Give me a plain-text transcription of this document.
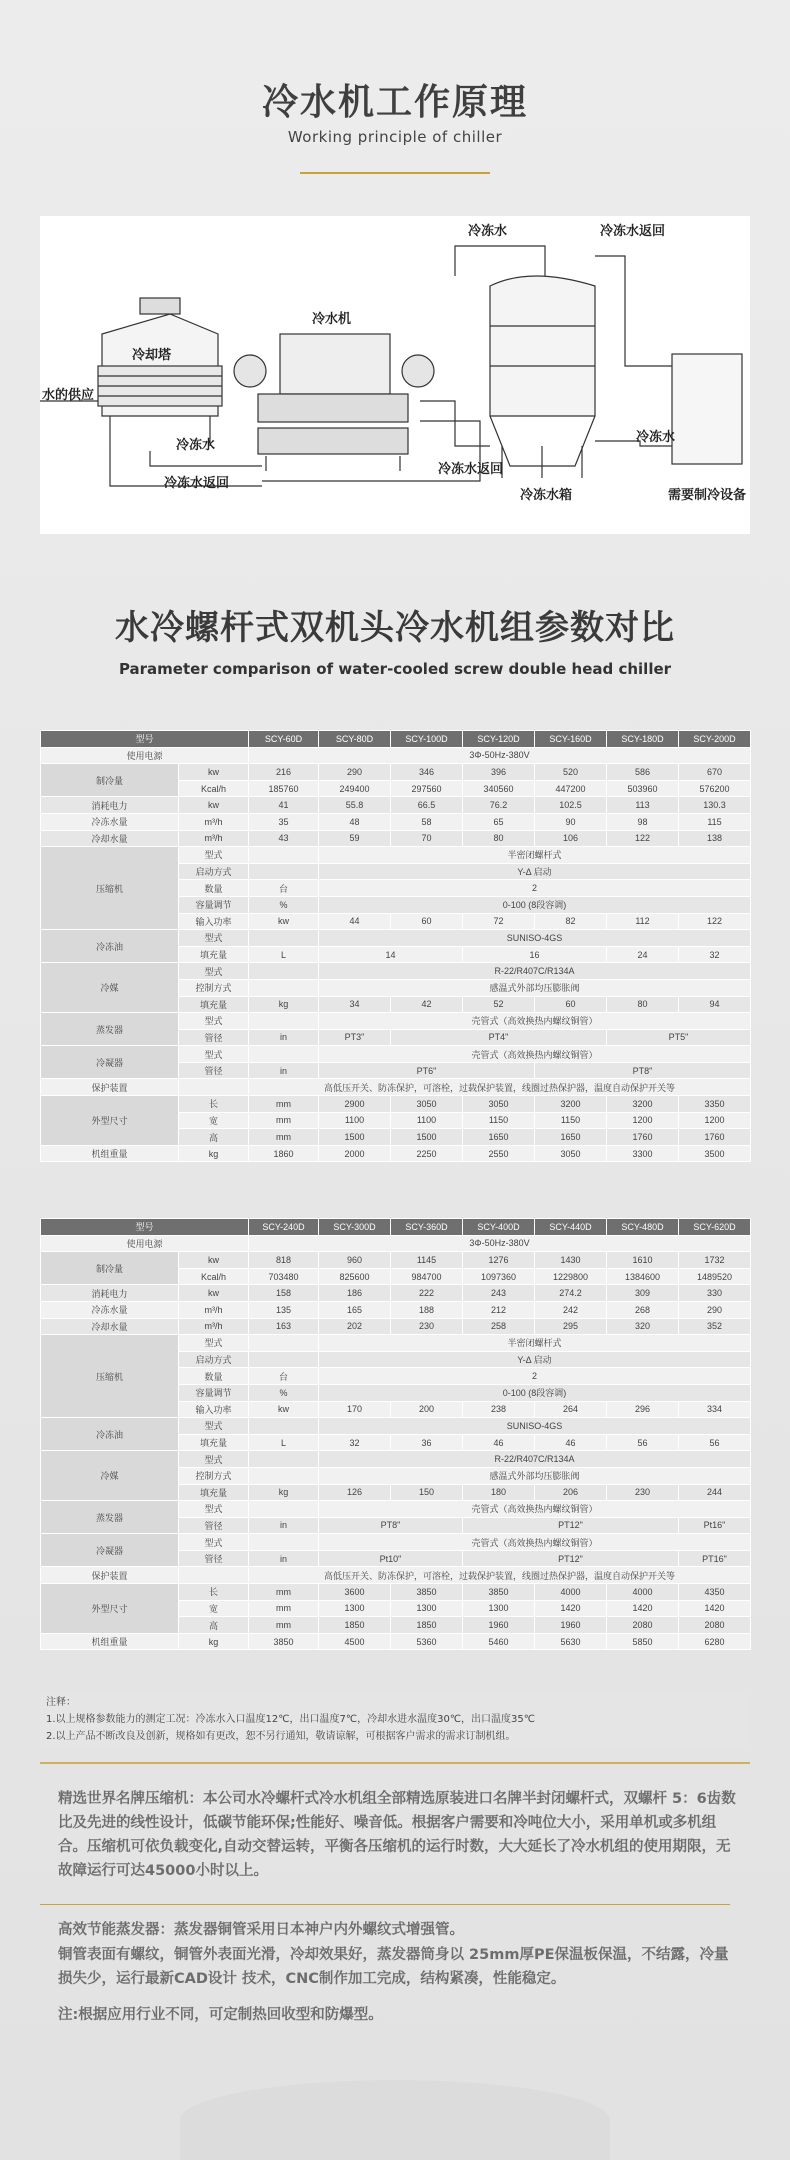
冷水机工作原理
Working principle of chiller
冷却塔
水的供应
冷水机
冷冻水	冷冻水返回
冷冻水
冷冻水返回
冷冻水返回
冷冻水
冷冻水箱	需要制冷设备
水冷螺杆式双机头冷水机组参数对比
Parameter comparison of water-cooled screw double head chiller
型号		SCY-60D	SCY-80D	SCY-100D	SCY-120D	SCY-160D	SCY-180D	SCY-200D	
使用电源		3Φ-50Hz-380V							
制冷量	kw	216	290	346	396	520	586	670	
	Kcal/h	185760	249400	297560	340560	447200	503960	576200	
消耗电力	kw	41	55.8	66.5	76.2	102.5	113	130.3	
冷冻水量	m³/h	35	48	58	65	90	98	115	
冷却水量	m³/h	43	59	70	80	106	122	138	
压缩机	型式		半密闭螺杆式						
	启动方式		Y-Δ 启动						
	数量	台	2						
	容量调节	%	0-100 (8段容调)						
	输入功率	kw	44	60	72	82	112	122	
冷冻油	型式		SUNISO-4GS						
	填充量	L	14		16		24	32	
冷媒	型式		R-22/R407C/R134A						
	控制方式		感温式外部均压膨胀阀						
	填充量	kg	34	42	52	60	80	94	
蒸发器	型式		壳管式（高效换热内螺纹铜管）						
	管径	in	PT3"	PT4"			PT5"	
冷凝器	型式		壳管式（高效换热内螺纹铜管）						
	管径	in	PT6"			PT8"			
保护装置		高低压开关、防冻保护，可溶栓，过载保护装置，线圈过热保护器，温度自动保护开关等							
外型尺寸	长	mm	2900	3050	3050	3200	3200	3350	
	宽	mm	1100	1100	1150	1150	1200	1200	
	高	mm	1500	1500	1650	1650	1760	1760	
机组重量	kg	1860	2000	2250	2550	3050	3300	3500	
型号		SCY-240D	SCY-300D	SCY-360D	SCY-400D	SCY-440D	SCY-480D	SCY-620D	
使用电源		3Φ-50Hz-380V							
制冷量	kw	818	960	1145	1276	1430	1610	1732	
	Kcal/h	703480	825600	984700	1097360	1229800	1384600	1489520	
消耗电力	kw	158	186	222	243	274.2	309	330	
冷冻水量	m³/h	135	165	188	212	242	268	290	
冷却水量	m³/h	163	202	230	258	295	320	352	
压缩机	型式		半密闭螺杆式						
	启动方式		Y-Δ 启动						
	数量	台	2						
	容量调节	%	0-100 (8段容调)						
	输入功率	kw	170	200	238	264	296	334	
冷冻油	型式		SUNISO-4GS						
	填充量	L	32	36	46	46	56	56	
冷媒	型式		R-22/R407C/R134A						
	控制方式		感温式外部均压膨胀阀						
	填充量	kg	126	150	180	206	230	244	
蒸发器	型式		壳管式（高效换热内螺纹铜管）						
	管径	in	PT8"		PT12"			Pt16"	
冷凝器	型式		壳管式（高效换热内螺纹铜管）						
	管径	in	Pt10"		PT12"			PT16"	
保护装置		高低压开关、防冻保护，可溶栓，过载保护装置，线圈过热保护器，温度自动保护开关等							
外型尺寸	长	mm	3600	3850	3850	4000	4000	4350	
	宽	mm	1300	1300	1300	1420	1420	1420	
	高	mm	1850	1850	1960	1960	2080	2080	
机组重量	kg	3850	4500	5360	5460	5630	5850	6280	
注释：
1.以上规格参数能力的测定工况：冷冻水入口温度12℃，出口温度7℃，冷却水进水温度30℃，出口温度35℃
2.以上产品不断改良及创新，规格如有更改，恕不另行通知，敬请谅解，可根据客户需求的需求订制机组。
精选世界名牌压缩机：本公司水冷螺杆式冷水机组全部精选原装进口名牌半封闭螺杆式，双螺杆 5：6齿数比及先进的线性设计，低碳节能环保;性能好、噪音低。根据客户需要和冷吨位大小，采用单机或多机组合。压缩机可依负载变化,自动交替运转，平衡各压缩机的运行时数，大大延长了冷水机组的使用期限，无故障运行可达45000小时以上。
高效节能蒸发器：蒸发器铜管采用日本神户内外螺纹式增强管。
铜管表面有螺纹，铜管外表面光滑，冷却效果好，蒸发器筒身以 25mm厚PE保温板保温，不结露，冷量损失少，运行最新CAD设计 技术，CNC制作加工完成，结构紧凑，性能稳定。
注:根据应用行业不同，可定制热回收型和防爆型。
